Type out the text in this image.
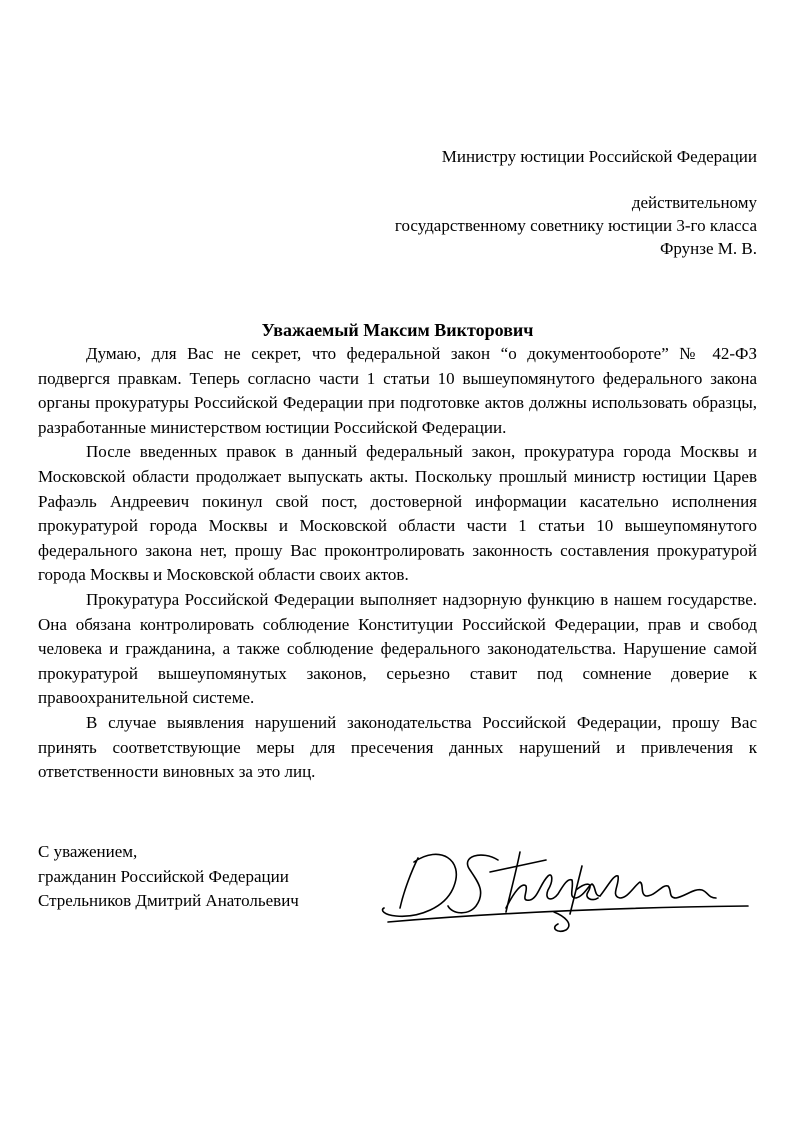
Министру юстиции Российской Федерации
действительному
государственному советнику юстиции 3-го класса
Фрунзе М. В.
Уважаемый Максим Викторович

Думаю, для Вас не секрет, что федеральной закон “о документообороте” № 42-ФЗ подвергся правкам. Теперь согласно части 1 статьи 10 вышеупомянутого федерального закона органы прокуратуры Российской Федерации при подготовке актов должны использовать образцы, разработанные министерством юстиции Российской Федерации.

После введенных правок в данный федеральный закон, прокуратура города Москвы и Московской области продолжает выпускать акты. Поскольку прошлый министр юстиции Царев Рафаэль Андреевич покинул свой пост, достоверной информации касательно исполнения прокуратурой города Москвы и Московской области части 1 статьи 10 вышеупомянутого федерального закона нет, прошу Вас проконтролировать законность составления прокуратурой города Москвы и Московской области своих актов.

Прокуратура Российской Федерации выполняет надзорную функцию в нашем государстве. Она обязана контролировать соблюдение Конституции Российской Федерации, прав и свобод человека и гражданина, а также соблюдение федерального законодательства. Нарушение самой прокуратурой вышеупомянутых законов, серьезно ставит под сомнение доверие к правоохранительной системе.

В случае выявления нарушений законодательства Российской Федерации, прошу Вас принять соответствующие меры для пресечения данных нарушений и привлечения к ответственности виновных за это лиц.

С уважением,
гражданин Российской Федерации
Стрельников Дмитрий Анатольевич
